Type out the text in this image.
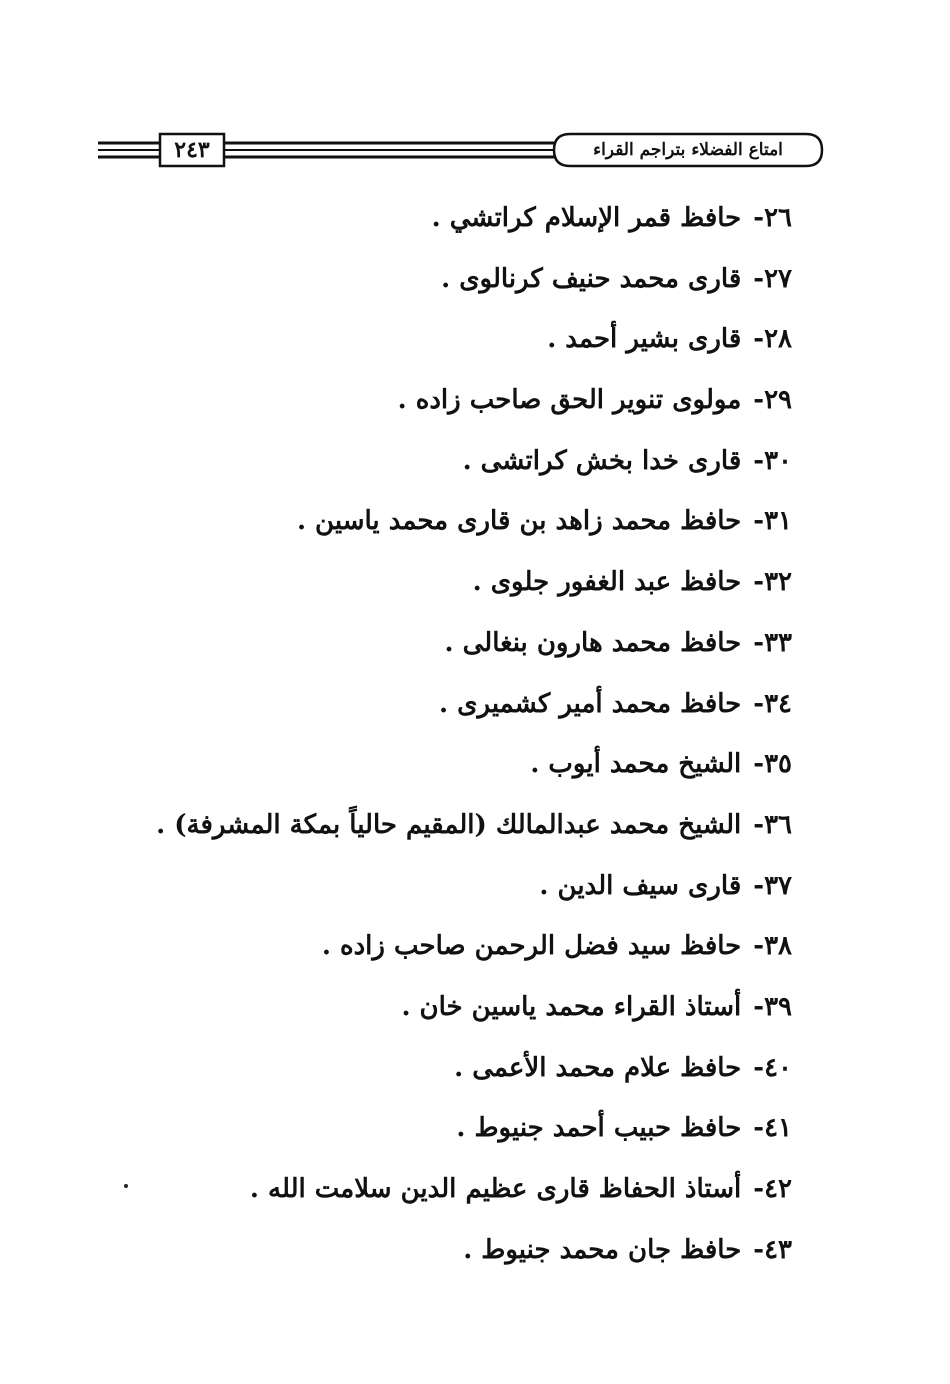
٢٤٣	امتاع الفضلاء بتراجم القراء
٢٦-حافظ قمر الإسلام كراتشي .
٢٧-قارى محمد حنيف كرنالوى .
٢٨-قارى بشير أحمد .
٢٩-مولوى تنوير الحق صاحب زاده .
٣٠-قارى خدا بخش كراتشى .
٣١-حافظ محمد زاهد بن قارى محمد ياسين .
٣٢-حافظ عبد الغفور جلوى .
٣٣-حافظ محمد هارون بنغالى .
٣٤-حافظ محمد أمير كشميرى .
٣٥-الشيخ محمد أيوب .
٣٦-الشيخ محمد عبدالمالك (المقيم حالياً بمكة المشرفة) .
٣٧-قارى سيف الدين .
٣٨-حافظ سيد فضل الرحمن صاحب زاده .
٣٩-أستاذ القراء محمد ياسين خان .
٤٠-حافظ علام محمد الأعمى .
٤١-حافظ حبيب أحمد جنيوط .
٤٢-أستاذ الحفاظ قارى عظيم الدين سلامت الله .
٤٣-حافظ جان محمد جنيوط .
